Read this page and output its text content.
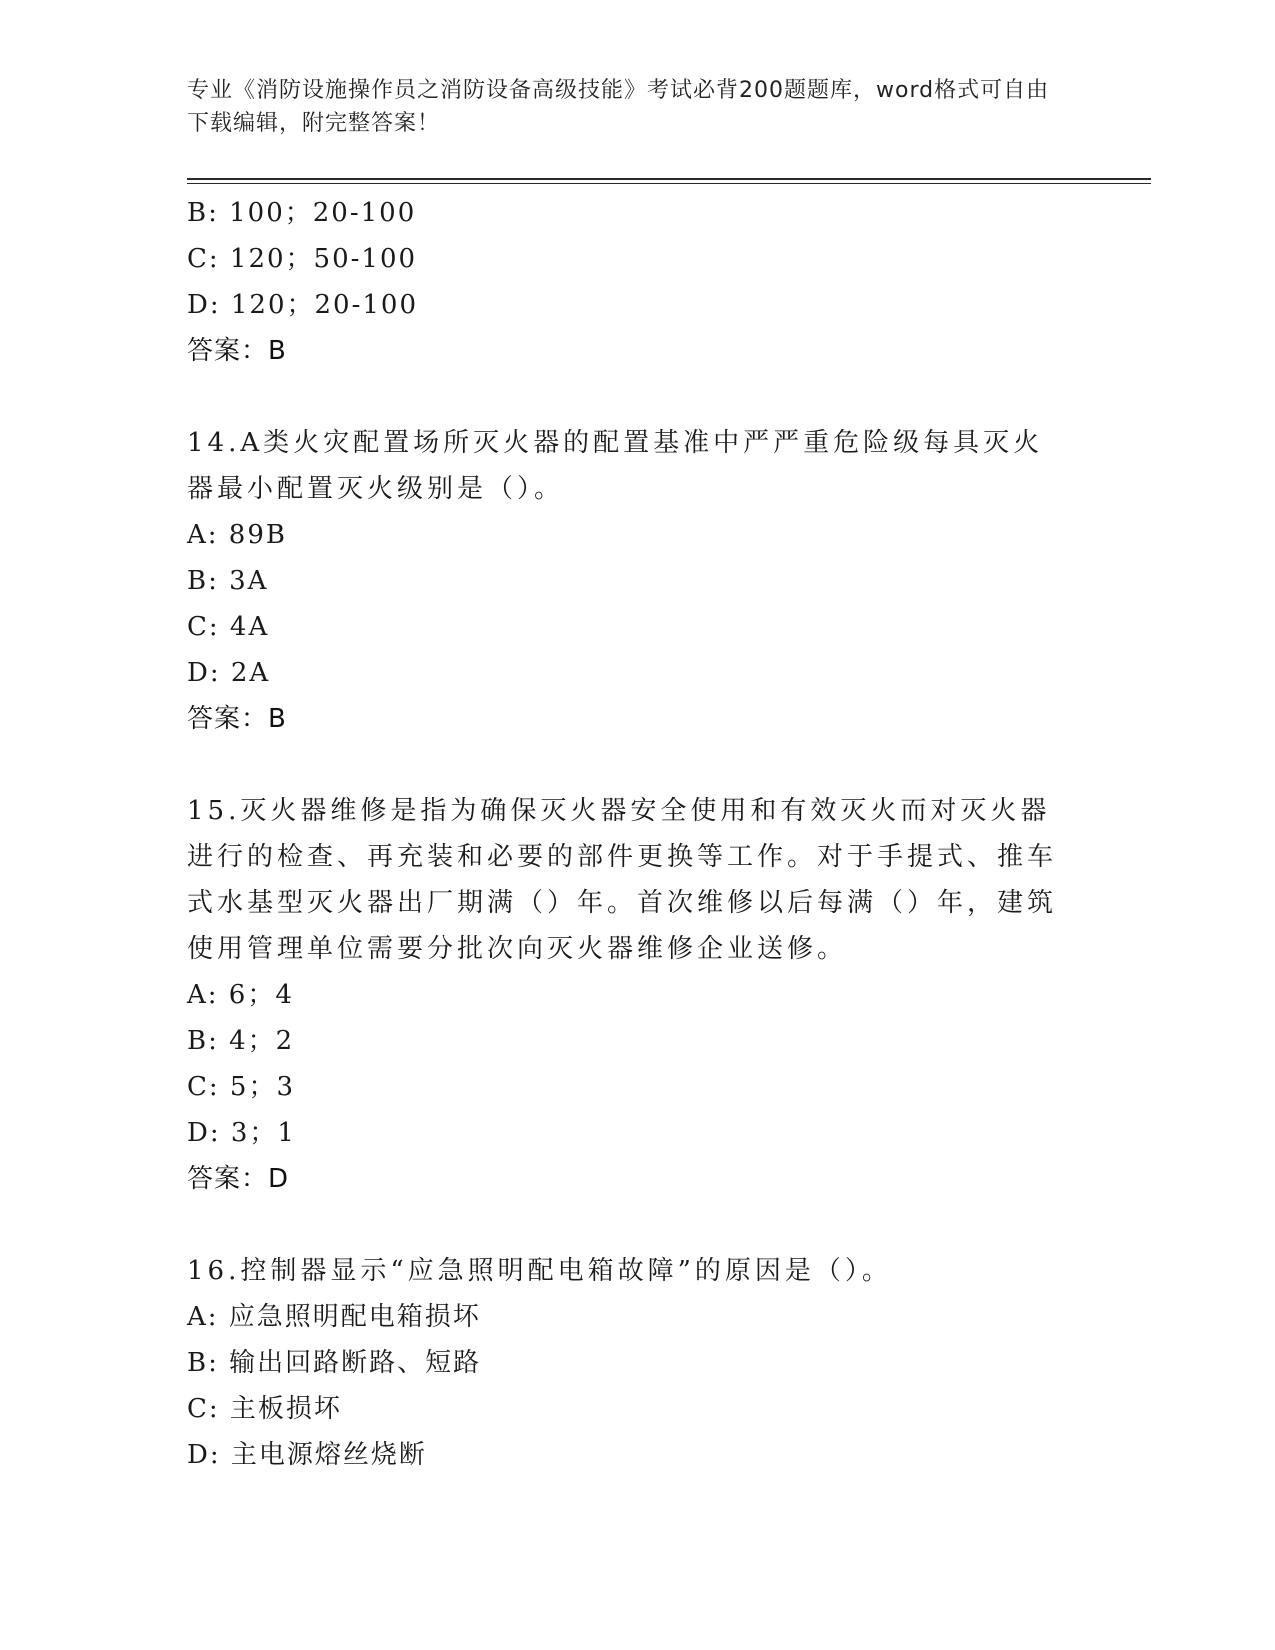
专业《消防设施操作员之消防设备高级技能》考试必背200题题库，word格式可自由下载编辑，附完整答案！
B: 100；20-100
C: 120；50-100
D: 120；20-100
答案：B
14.A类火灾配置场所灭火器的配置基准中严严重危险级每具灭火器最小配置灭火级别是（）。
A: 89B
B: 3A
C: 4A
D: 2A
答案：B
15.灭火器维修是指为确保灭火器安全使用和有效灭火而对灭火器进行的检查、再充装和必要的部件更换等工作。对于手提式、推车式水基型灭火器出厂期满（）年。首次维修以后每满（）年，建筑使用管理单位需要分批次向灭火器维修企业送修。
A: 6；4
B: 4；2
C: 5；3
D: 3；1
答案：D
16.控制器显示“应急照明配电箱故障”的原因是（）。
A: 应急照明配电箱损坏
B: 输出回路断路、短路
C: 主板损坏
D: 主电源熔丝烧断
